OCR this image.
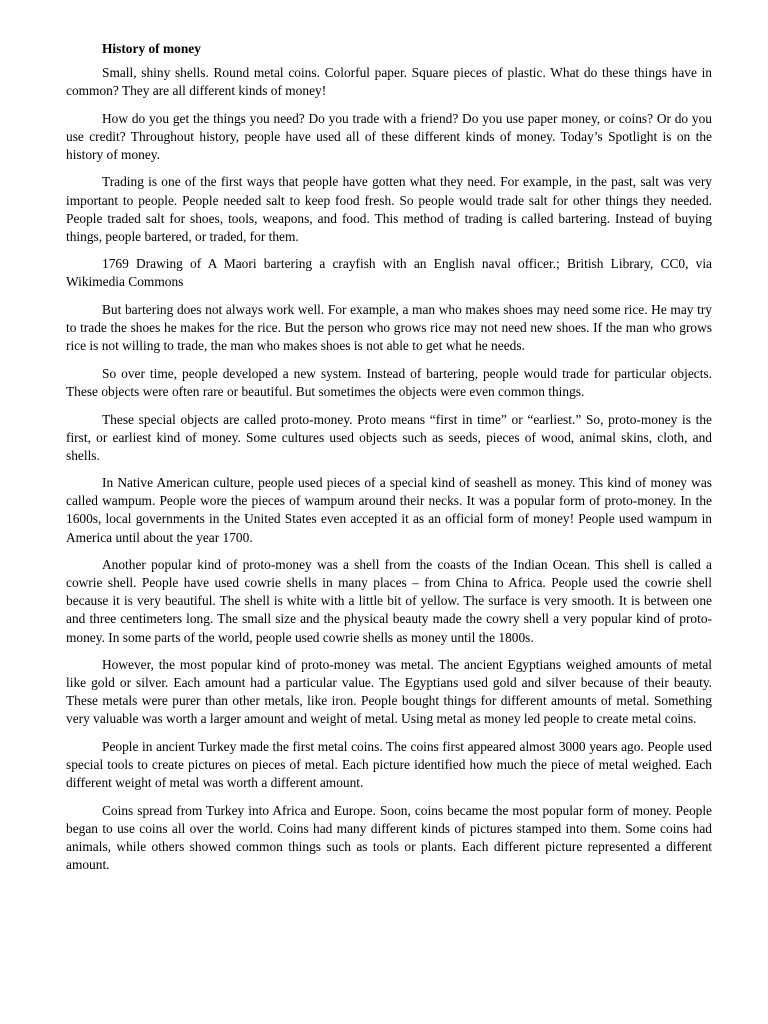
History of money

Small, shiny shells. Round metal coins. Colorful paper. Square pieces of plastic. What do these things have in common? They are all different kinds of money!

How do you get the things you need? Do you trade with a friend? Do you use paper money, or coins? Or do you use credit? Throughout history, people have used all of these different kinds of money. Today’s Spotlight is on the history of money.

Trading is one of the first ways that people have gotten what they need. For example, in the past, salt was very important to people. People needed salt to keep food fresh. So people would trade salt for other things they needed. People traded salt for shoes, tools, weapons, and food. This method of trading is called bartering. Instead of buying things, people bartered, or traded, for them.

1769 Drawing of A Maori bartering a crayfish with an English naval officer.; British Library, CC0, via Wikimedia Commons

But bartering does not always work well. For example, a man who makes shoes may need some rice. He may try to trade the shoes he makes for the rice. But the person who grows rice may not need new shoes. If the man who grows rice is not willing to trade, the man who makes shoes is not able to get what he needs.

So over time, people developed a new system. Instead of bartering, people would trade for particular objects. These objects were often rare or beautiful. But sometimes the objects were even common things.

These special objects are called proto-money. Proto means “first in time” or “earliest.” So, proto-money is the first, or earliest kind of money. Some cultures used objects such as seeds, pieces of wood, animal skins, cloth, and shells.

In Native American culture, people used pieces of a special kind of seashell as money. This kind of money was called wampum. People wore the pieces of wampum around their necks. It was a popular form of proto-money. In the 1600s, local governments in the United States even accepted it as an official form of money! People used wampum in America until about the year 1700.

Another popular kind of proto-money was a shell from the coasts of the Indian Ocean. This shell is called a cowrie shell. People have used cowrie shells in many places – from China to Africa. People used the cowrie shell because it is very beautiful. The shell is white with a little bit of yellow. The surface is very smooth. It is between one and three centimeters long. The small size and the physical beauty made the cowry shell a very popular kind of proto-money. In some parts of the world, people used cowrie shells as money until the 1800s.

However, the most popular kind of proto-money was metal. The ancient Egyptians weighed amounts of metal like gold or silver. Each amount had a particular value. The Egyptians used gold and silver because of their beauty. These metals were purer than other metals, like iron. People bought things for different amounts of metal. Something very valuable was worth a larger amount and weight of metal. Using metal as money led people to create metal coins.

People in ancient Turkey made the first metal coins. The coins first appeared almost 3000 years ago. People used special tools to create pictures on pieces of metal. Each picture identified how much the piece of metal weighed. Each different weight of metal was worth a different amount.

Coins spread from Turkey into Africa and Europe. Soon, coins became the most popular form of money. People began to use coins all over the world. Coins had many different kinds of pictures stamped into them. Some coins had animals, while others showed common things such as tools or plants. Each different picture represented a different amount.
